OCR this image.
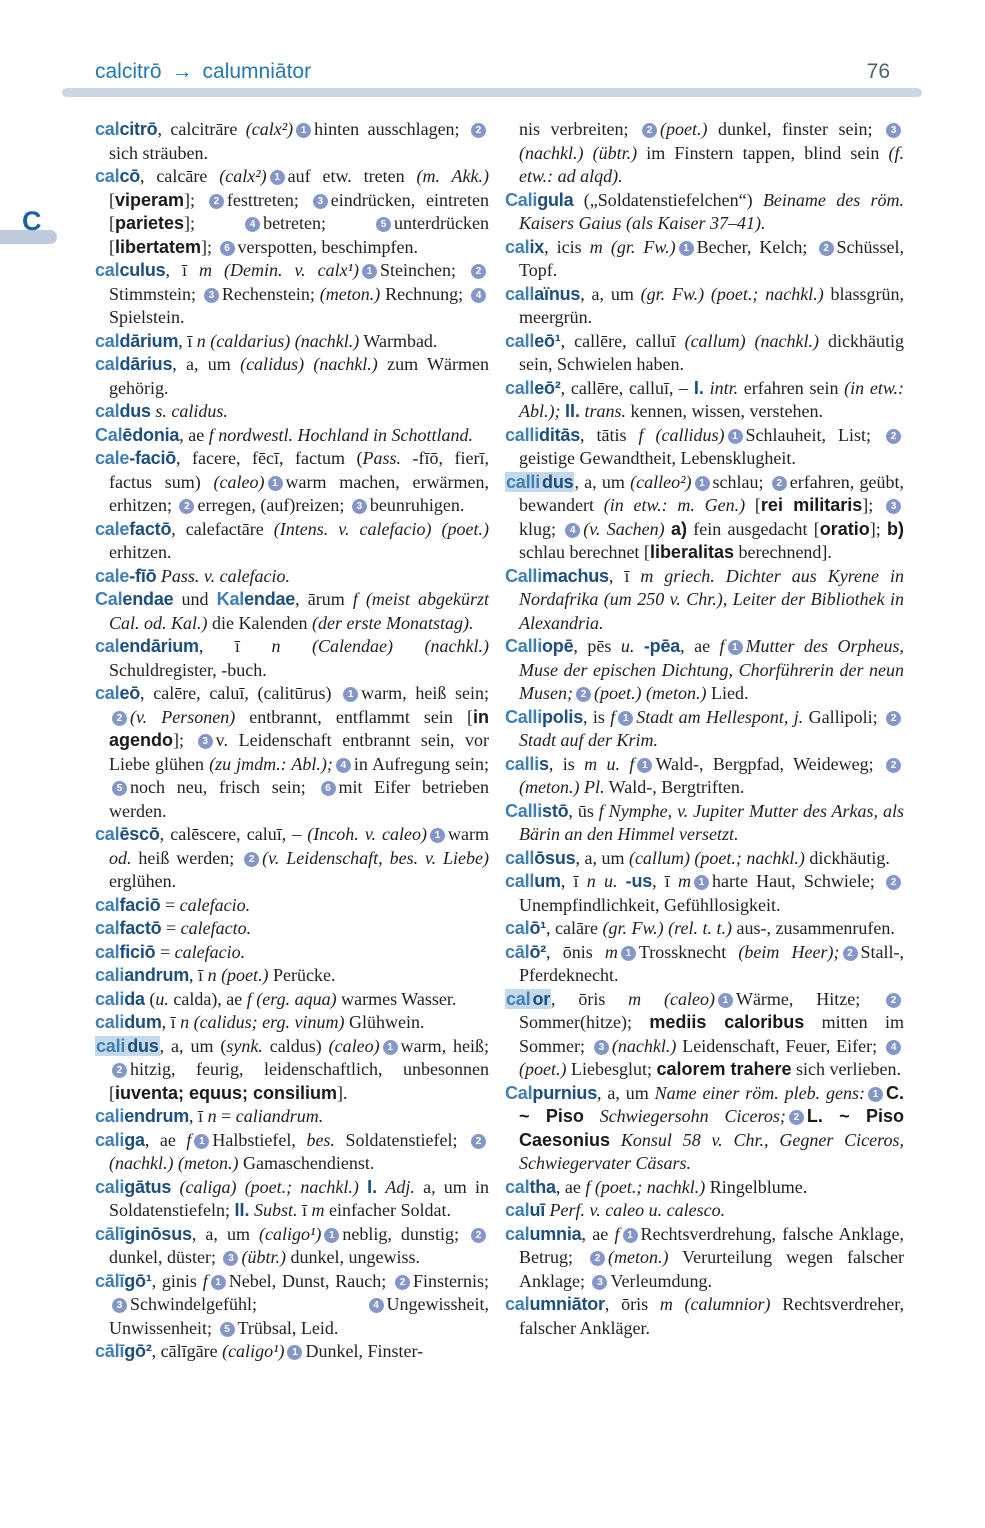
calcitrō → calumniātor	76
C

calcitrō, calcitrāre (calx²) 1 hinten ausschlagen; 2sich sträuben.

calcō, calcāre (calx²) 1 auf etw. treten (m. Akk.) [viperam]; 2 festtreten; 3 eindrücken, eintreten [parietes]; 4 betreten; 5 unterdrücken [libertatem]; 6 verspotten, beschimpfen.

calculus, ī m (Demin. v. calx¹) 1 Steinchen; 2Stimmstein; 3 Rechenstein; (meton.) Rechnung; 4Spielstein.

caldārium, ī n (caldarius) (nachkl.) Warmbad.

caldārius, a, um (calidus) (nachkl.) zum Wärmen gehörig.

caldus s. calidus.

Calēdonia, ae f nordwestl. Hochland in Schottland.

cale-faciō, facere, fēcī, factum (Pass. -fīō, fierī, factus sum) (caleo) 1 warm machen, erwärmen, erhitzen; 2 erregen, (auf)reizen; 3 beunruhigen.

calefactō, calefactāre (Intens. v. calefacio) (poet.) erhitzen.

cale-fīō Pass. v. calefacio.

Calendae und Kalendae, ārum f (meist abgekürzt Cal. od. Kal.) die Kalenden (der erste Monatstag).

calendārium, ī n (Calendae) (nachkl.) Schuldregister, -buch.

caleō, calēre, caluī, (calitūrus) 1 warm, heiß sein; 2 (v. Personen) entbrannt, entflammt sein [in agendo]; 3 v. Leidenschaft entbrannt sein, vor Liebe glühen (zu jmdm.: Abl.); 4 in Aufregung sein; 5 noch neu, frisch sein; 6 mit Eifer betrieben werden.

calēscō, calēscere, caluī, – (Incoh. v. caleo) 1 warm od. heiß werden; 2 (v. Leidenschaft, bes. v. Liebe) erglühen.

calfaciō = calefacio.

calfactō = calefacto.

calficiō = calefacio.

caliandrum, ī n (poet.) Perücke.

calida (u. calda), ae f (erg. aqua) warmes Wasser.

calidum, ī n (calidus; erg. vinum) Glühwein.

cali dus, a, um (synk. caldus) (caleo) 1 warm, heiß; 2 hitzig, feurig, leidenschaftlich, unbesonnen [iuventa; equus; consilium].

caliendrum, ī n = caliandrum.

caliga, ae f 1 Halbstiefel, bes. Soldatenstiefel; 2(nachkl.) (meton.) Gamaschendienst.

caligātus (caliga) (poet.; nachkl.) I. Adj. a, um in Soldatenstiefeln; II. Subst. ī m einfacher Soldat.

cālīginōsus, a, um (caligo¹) 1 neblig, dunstig; 2dunkel, düster; 3 (übtr.) dunkel, ungewiss.

cālīgō¹, ginis f 1 Nebel, Dunst, Rauch; 2 Finsternis; 3 Schwindelgefühl; 4 Ungewissheit, Unwissenheit; 5 Trübsal, Leid.

cālīgō², cālīgāre (caligo¹) 1 Dunkel, Finster-

nis verbreiten; 2 (poet.) dunkel, finster sein; 3(nachkl.) (übtr.) im Finstern tappen, blind sein (f. etw.: ad alqd).

Caligula („Soldatenstiefelchen“) Beiname des röm. Kaisers Gaius (als Kaiser 37–41).

calix, icis m (gr. Fw.) 1 Becher, Kelch; 2 Schüssel, Topf.

callaïnus, a, um (gr. Fw.) (poet.; nachkl.) blassgrün, meergrün.

calleō¹, callēre, calluī (callum) (nachkl.) dickhäutig sein, Schwielen haben.

calleō², callēre, calluī, – I. intr. erfahren sein (in etw.: Abl.); II. trans. kennen, wissen, verstehen.

calliditās, tātis f (callidus) 1 Schlauheit, List; 2geistige Gewandtheit, Lebensklugheit.

calli dus, a, um (calleo²) 1 schlau; 2 erfahren, geübt, bewandert (in etw.: m. Gen.) [rei militaris]; 3klug; 4 (v. Sachen) a) fein ausgedacht [oratio]; b) schlau berechnet [liberalitas berechnend].

Callimachus, ī m griech. Dichter aus Kyrene in Nordafrika (um 250 v. Chr.), Leiter der Bibliothek in Alexandria.

Calliopē, pēs u. -pēa, ae f 1 Mutter des Orpheus, Muse der epischen Dichtung, Chorführerin der neun Musen; 2 (poet.) (meton.) Lied.

Callipolis, is f 1 Stadt am Hellespont, j. Gallipoli; 2Stadt auf der Krim.

callis, is m u. f 1 Wald-, Bergpfad, Weideweg; 2(meton.) Pl. Wald-, Bergtriften.

Callistō, ūs f Nymphe, v. Jupiter Mutter des Arkas, als Bärin an den Himmel versetzt.

callōsus, a, um (callum) (poet.; nachkl.) dickhäutig.

callum, ī n u. -us, ī m 1 harte Haut, Schwiele; 2Unempfindlichkeit, Gefühllosigkeit.

calō¹, calāre (gr. Fw.) (rel. t. t.) aus-, zusammenrufen.

cālō², ōnis m 1 Trossknecht (beim Heer); 2 Stall-, Pferdeknecht.

cal or, ōris m (caleo) 1 Wärme, Hitze; 2Sommer(hitze); mediis caloribus mitten im Sommer; 3 (nachkl.) Leidenschaft, Feuer, Eifer; 4(poet.) Liebesglut; calorem trahere sich verlieben.

Calpurnius, a, um Name einer röm. pleb. gens: 1 C. ~ Piso Schwiegersohn Ciceros; 2 L. ~ Piso Caesonius Konsul 58 v. Chr., Gegner Ciceros, Schwiegervater Cäsars.

caltha, ae f (poet.; nachkl.) Ringelblume.

caluī Perf. v. caleo u. calesco.

calumnia, ae f 1 Rechtsverdrehung, falsche Anklage, Betrug; 2 (meton.) Verurteilung wegen falscher Anklage; 3 Verleumdung.

calumniātor, ōris m (calumnior) Rechtsverdreher, falscher Ankläger.
